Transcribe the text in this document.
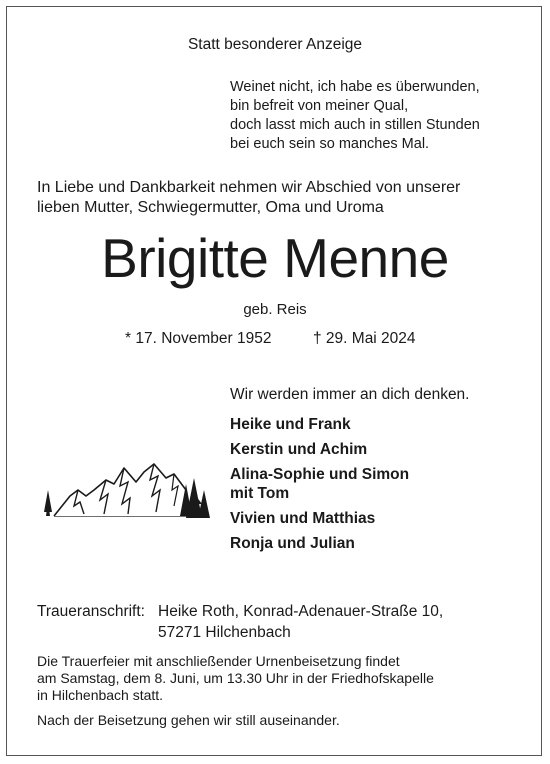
Statt besonderer Anzeige
Weinet nicht, ich habe es überwunden,
bin befreit von meiner Qual,
doch lasst mich auch in stillen Stunden
bei euch sein so manches Mal.
In Liebe und Dankbarkeit nehmen wir Abschied von unserer
lieben Mutter, Schwiegermutter, Oma und Uroma
Brigitte Menne
geb. Reis
* 17. November 1952	† 29. Mai 2024
Wir werden immer an dich denken.
Heike und Frank
Kerstin und Achim
Alina-Sophie und Simon
mit Tom
Vivien und Matthias
Ronja und Julian
Traueranschrift: Heike Roth, Konrad-Adenauer-Straße 10,
57271 Hilchenbach
Die Trauerfeier mit anschließender Urnenbeisetzung findet
am Samstag, dem 8. Juni, um 13.30 Uhr in der Friedhofskapelle
in Hilchenbach statt.
Nach der Beisetzung gehen wir still auseinander.
